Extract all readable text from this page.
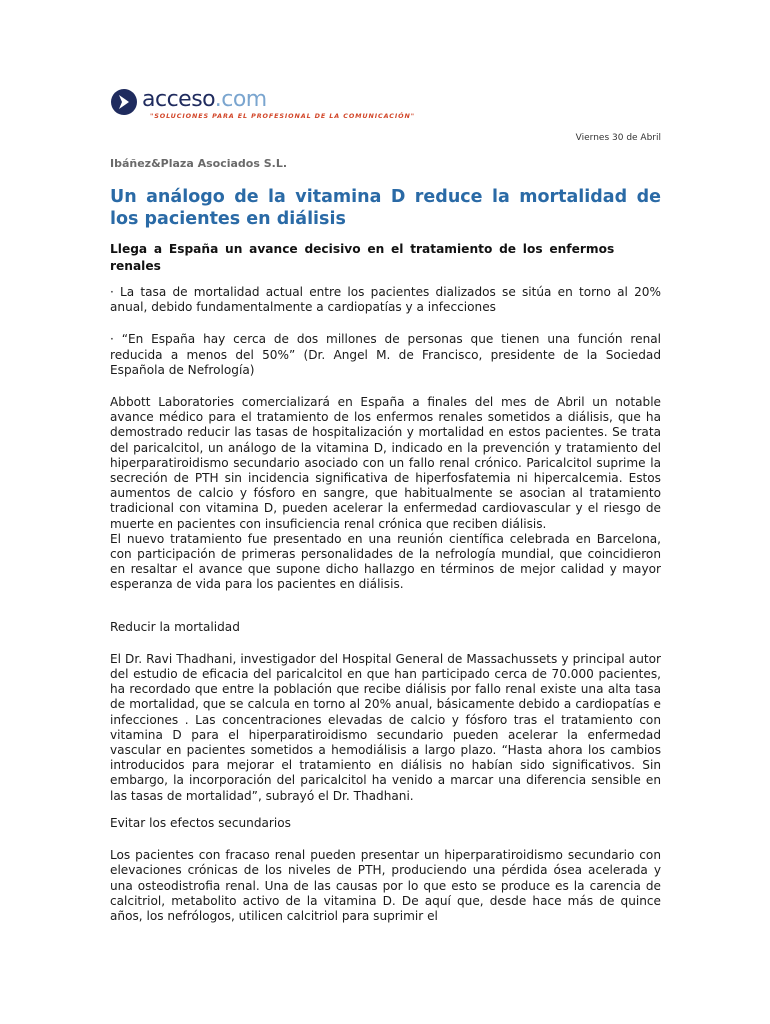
acceso.com
"SOLUCIONES PARA EL PROFESIONAL DE LA COMUNICACIÓN"
Viernes 30 de Abril
Ibáñez&Plaza Asociados S.L.
Un análogo de la vitamina D reduce la mortalidad de los pacientes en diálisis
Llega a España un avance decisivo en el tratamiento de los enfermos renales

· La tasa de mortalidad actual entre los pacientes dializados se sitúa en torno al 20% anual, debido fundamentalmente a cardiopatías y a infecciones

· “En España hay cerca de dos millones de personas que tienen una función renal reducida a menos del 50%” (Dr. Angel M. de Francisco, presidente de la Sociedad Española de Nefrología)

Abbott Laboratories comercializará en España a finales del mes de Abril un notable avance médico para el tratamiento de los enfermos renales sometidos a diálisis, que ha demostrado reducir las tasas de hospitalización y mortalidad en estos pacientes. Se trata del paricalcitol, un análogo de la vitamina D, indicado en la prevención y tratamiento del hiperparatiroidismo secundario asociado con un fallo renal crónico. Paricalcitol suprime la secreción de PTH sin incidencia significativa de hiperfosfatemia ni hipercalcemia. Estos aumentos de calcio y fósforo en sangre, que habitualmente se asocian al tratamiento tradicional con vitamina D, pueden acelerar la enfermedad cardiovascular y el riesgo de muerte en pacientes con insuficiencia renal crónica que reciben diálisis.

El nuevo tratamiento fue presentado en una reunión científica celebrada en Barcelona, con participación de primeras personalidades de la nefrología mundial, que coincidieron en resaltar el avance que supone dicho hallazgo en términos de mejor calidad y mayor esperanza de vida para los pacientes en diálisis.

Reducir la mortalidad

El Dr. Ravi Thadhani, investigador del Hospital General de Massachussets y principal autor del estudio de eficacia del paricalcitol en que han participado cerca de 70.000 pacientes, ha recordado que entre la población que recibe diálisis por fallo renal existe una alta tasa de mortalidad, que se calcula en torno al 20% anual, básicamente debido a cardiopatías e infecciones . Las concentraciones elevadas de calcio y fósforo tras el tratamiento con vitamina D para el hiperparatiroidismo secundario pueden acelerar la enfermedad vascular en pacientes sometidos a hemodiálisis a largo plazo. “Hasta ahora los cambios introducidos para mejorar el tratamiento en diálisis no habían sido significativos. Sin embargo, la incorporación del paricalcitol ha venido a marcar una diferencia sensible en las tasas de mortalidad”, subrayó el Dr. Thadhani.

Evitar los efectos secundarios

Los pacientes con fracaso renal pueden presentar un hiperparatiroidismo secundario con elevaciones crónicas de los niveles de PTH, produciendo una pérdida ósea acelerada y una osteodistrofia renal. Una de las causas por lo que esto se produce es la carencia de calcitriol, metabolito activo de la vitamina D. De aquí que, desde hace más de quince años, los nefrólogos, utilicen calcitriol para suprimir el
